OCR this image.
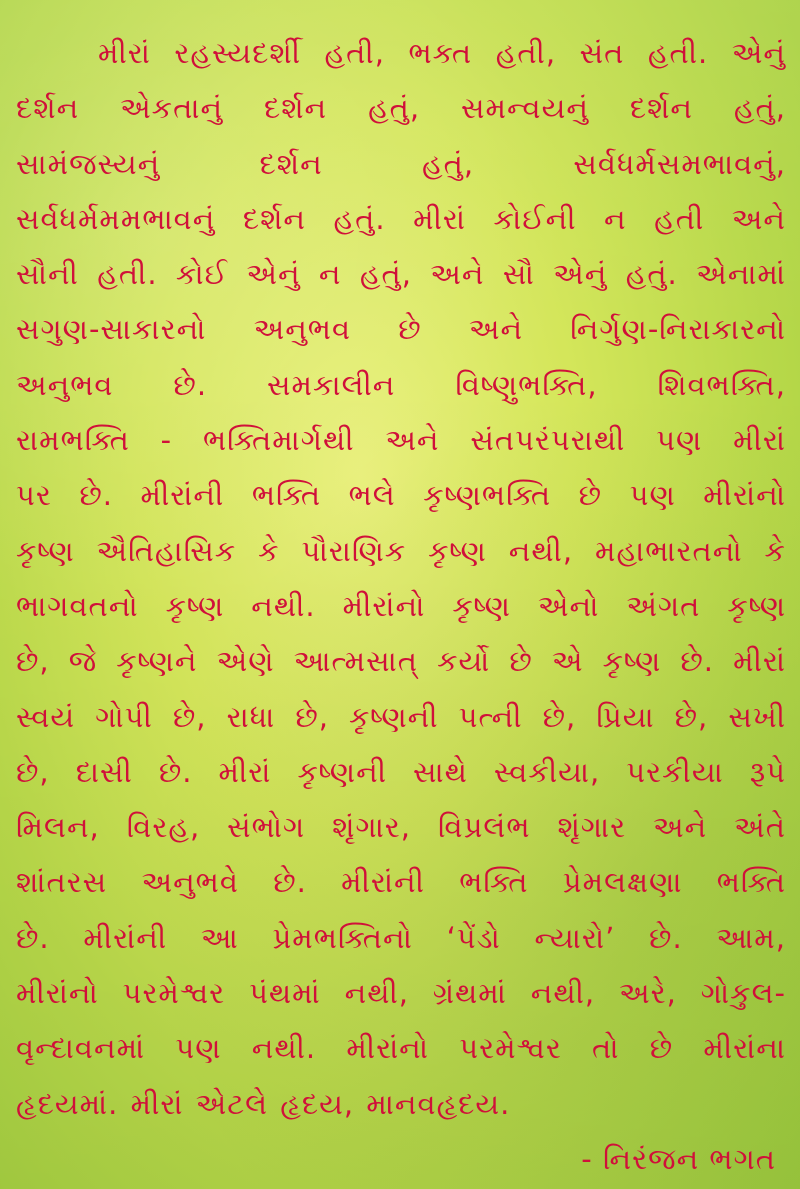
મીરાં રહસ્યદર્શી હતી, ભક્ત હતી, સંત હતી. એનું
દર્શન એકતાનું દર્શન હતું, સમન્વયનું દર્શન હતું,
સામંજસ્યનું દર્શન હતું, સર્વધર્મસમભાવનું,
સર્વધર્મમમભાવનું દર્શન હતું. મીરાં કોઈની ન હતી અને
સૌની હતી. કોઈ એનું ન હતું, અને સૌ એનું હતું. એનામાં
સગુણ-સાકારનો અનુભવ છે અને નિર્ગુણ-નિરાકારનો
અનુભવ છે. સમકાલીન વિષ્ણુભક્તિ, શિવભક્તિ,
રામભક્તિ - ભક્તિમાર્ગથી અને સંતપરંપરાથી પણ મીરાં
પર છે. મીરાંની ભક્તિ ભલે કૃષ્ણભક્તિ છે પણ મીરાંનો
કૃષ્ણ ઐતિહાસિક કે પૌરાણિક કૃષ્ણ નથી, મહાભારતનો કે
ભાગવતનો કૃષ્ણ નથી. મીરાંનો કૃષ્ણ એનો અંગત કૃષ્ણ
છે, જે કૃષ્ણને એણે આત્મસાત્ કર્યો છે એ કૃષ્ણ છે. મીરાં
સ્વયં ગોપી છે, રાધા છે, કૃષ્ણની પત્ની છે, પ્રિયા છે, સખી
છે, દાસી છે. મીરાં કૃષ્ણની સાથે સ્વકીયા, પરકીયા રૂપે
મિલન, વિરહ, સંભોગ શૃંગાર, વિપ્રલંભ શૃંગાર અને અંતે
શાંતરસ અનુભવે છે. મીરાંની ભક્તિ પ્રેમલક્ષણા ભક્તિ
છે. મીરાંની આ પ્રેમભક્તિનો ‘પેંડો ન્યારો’ છે. આમ,
મીરાંનો પરમેશ્વર પંથમાં નથી, ગ્રંથમાં નથી, અરે, ગોકુલ-
વૃન્દાવનમાં પણ નથી. મીરાંનો પરમેશ્વર તો છે મીરાંના
હૃદયમાં. મીરાં એટલે હૃદય, માનવહૃદય.
- નિરંજન ભગત
